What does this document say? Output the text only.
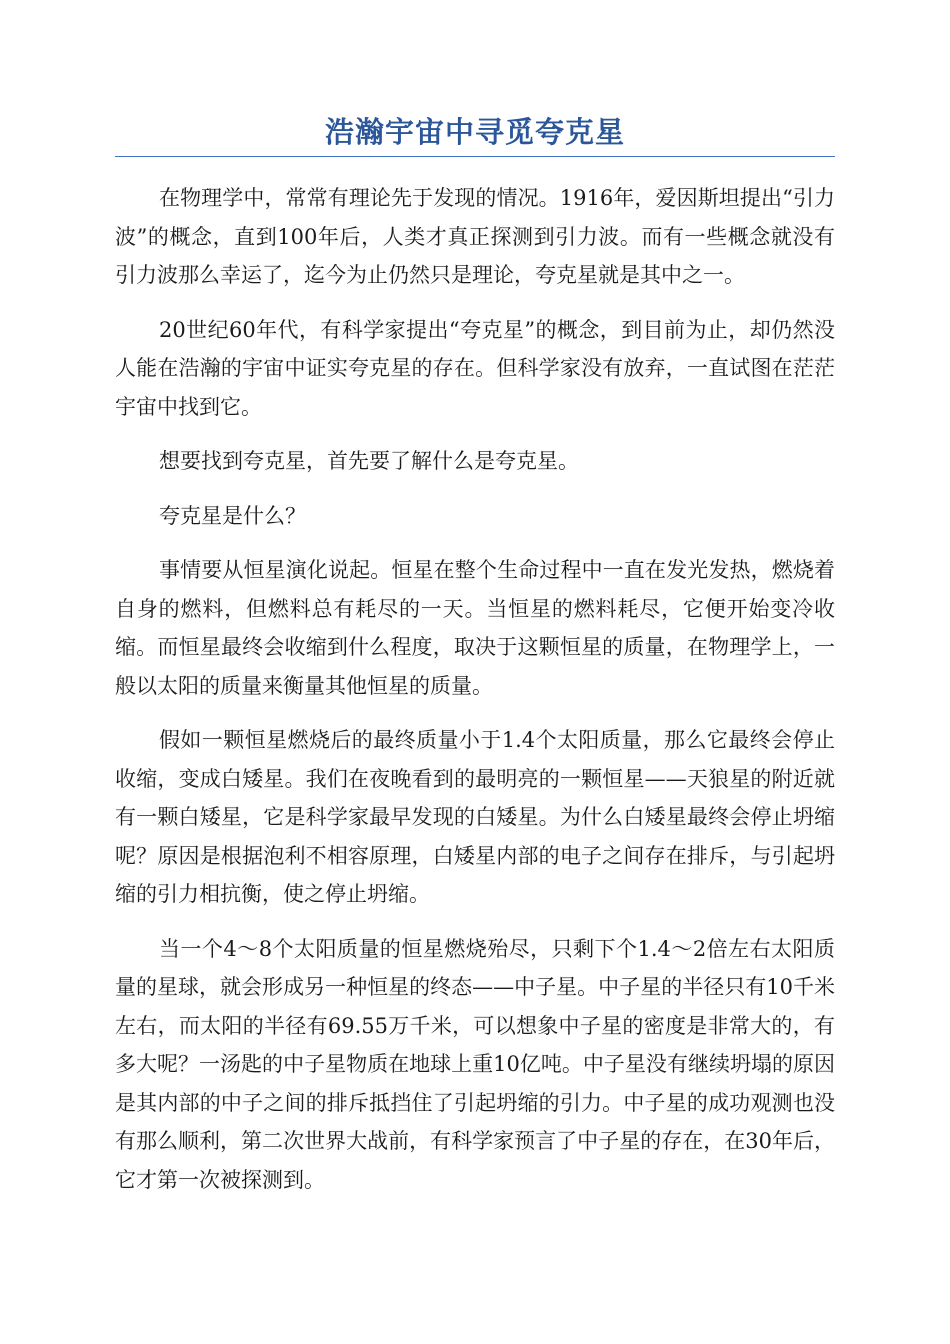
浩瀚宇宙中寻觅夸克星

在物理学中，常常有理论先于发现的情况。1916年，爱因斯坦提出“引力波”的概念，直到100年后，人类才真正探测到引力波。而有一些概念就没有引力波那么幸运了，迄今为止仍然只是理论，夸克星就是其中之一。

20世纪60年代，有科学家提出“夸克星”的概念，到目前为止，却仍然没人能在浩瀚的宇宙中证实夸克星的存在。但科学家没有放弃，一直试图在茫茫宇宙中找到它。

想要找到夸克星，首先要了解什么是夸克星。

夸克星是什么？

事情要从恒星演化说起。恒星在整个生命过程中一直在发光发热，燃烧着自身的燃料，但燃料总有耗尽的一天。当恒星的燃料耗尽，它便开始变冷收缩。而恒星最终会收缩到什么程度，取决于这颗恒星的质量，在物理学上，一般以太阳的质量来衡量其他恒星的质量。

假如一颗恒星燃烧后的最终质量小于1.4个太阳质量，那么它最终会停止收缩，变成白矮星。我们在夜晚看到的最明亮的一颗恒星——天狼星的附近就有一颗白矮星，它是科学家最早发现的白矮星。为什么白矮星最终会停止坍缩呢？原因是根据泡利不相容原理，白矮星内部的电子之间存在排斥，与引起坍缩的引力相抗衡，使之停止坍缩。

当一个4～8个太阳质量的恒星燃烧殆尽，只剩下个1.4～2倍左右太阳质量的星球，就会形成另一种恒星的终态——中子星。中子星的半径只有10千米左右，而太阳的半径有69.55万千米，可以想象中子星的密度是非常大的，有多大呢？一汤匙的中子星物质在地球上重10亿吨。中子星没有继续坍塌的原因是其内部的中子之间的排斥抵挡住了引起坍缩的引力。中子星的成功观测也没有那么顺利，第二次世界大战前，有科学家预言了中子星的存在，在30年后，它才第一次被探测到。
